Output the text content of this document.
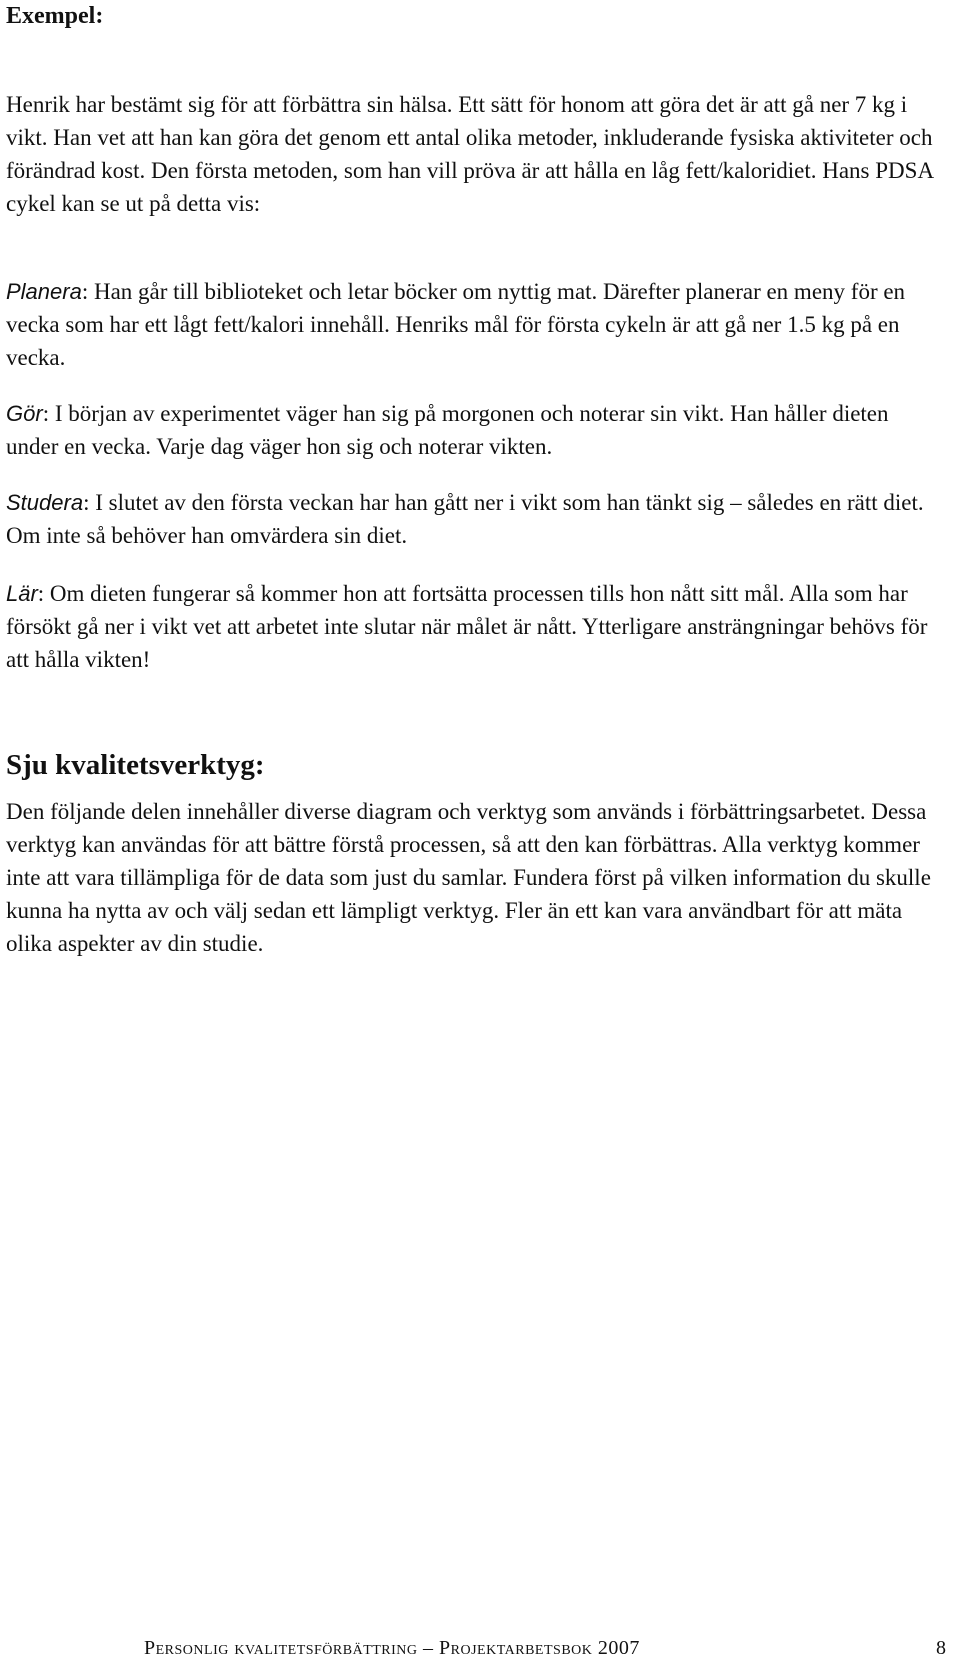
Exempel:

Henrik har bestämt sig för att förbättra sin hälsa. Ett sätt för honom att göra det är att gå ner 7 kg i vikt. Han vet att han kan göra det genom ett antal olika metoder, inkluderande fysiska aktiviteter och förändrad kost. Den första metoden, som han vill pröva är att hålla en låg fett/kaloridiet. Hans PDSA cykel kan se ut på detta vis:

Planera: Han går till biblioteket och letar böcker om nyttig mat. Därefter planerar en meny för en vecka som har ett lågt fett/kalori innehåll. Henriks mål för första cykeln är att gå ner 1.5 kg på en vecka.

Gör: I början av experimentet väger han sig på morgonen och noterar sin vikt. Han håller dieten under en vecka. Varje dag väger hon sig och noterar vikten.

Studera: I slutet av den första veckan har han gått ner i vikt som han tänkt sig – således en rätt diet. Om inte så behöver han omvärdera sin diet.

Lär: Om dieten fungerar så kommer hon att fortsätta processen tills hon nått sitt mål. Alla som har försökt gå ner i vikt vet att arbetet inte slutar när målet är nått. Ytterligare ansträngningar behövs för att hålla vikten!

Sju kvalitetsverktyg:

Den följande delen innehåller diverse diagram och verktyg som används i förbättringsarbetet. Dessa verktyg kan användas för att bättre förstå processen, så att den kan förbättras. Alla verktyg kommer inte att vara tillämpliga för de data som just du samlar. Fundera först på vilken information du skulle kunna ha nytta av och välj sedan ett lämpligt verktyg. Fler än ett kan vara användbart för att mäta olika aspekter av din studie.

Personlig kvalitetsförbättring – Projektarbetsbok 2007	8
